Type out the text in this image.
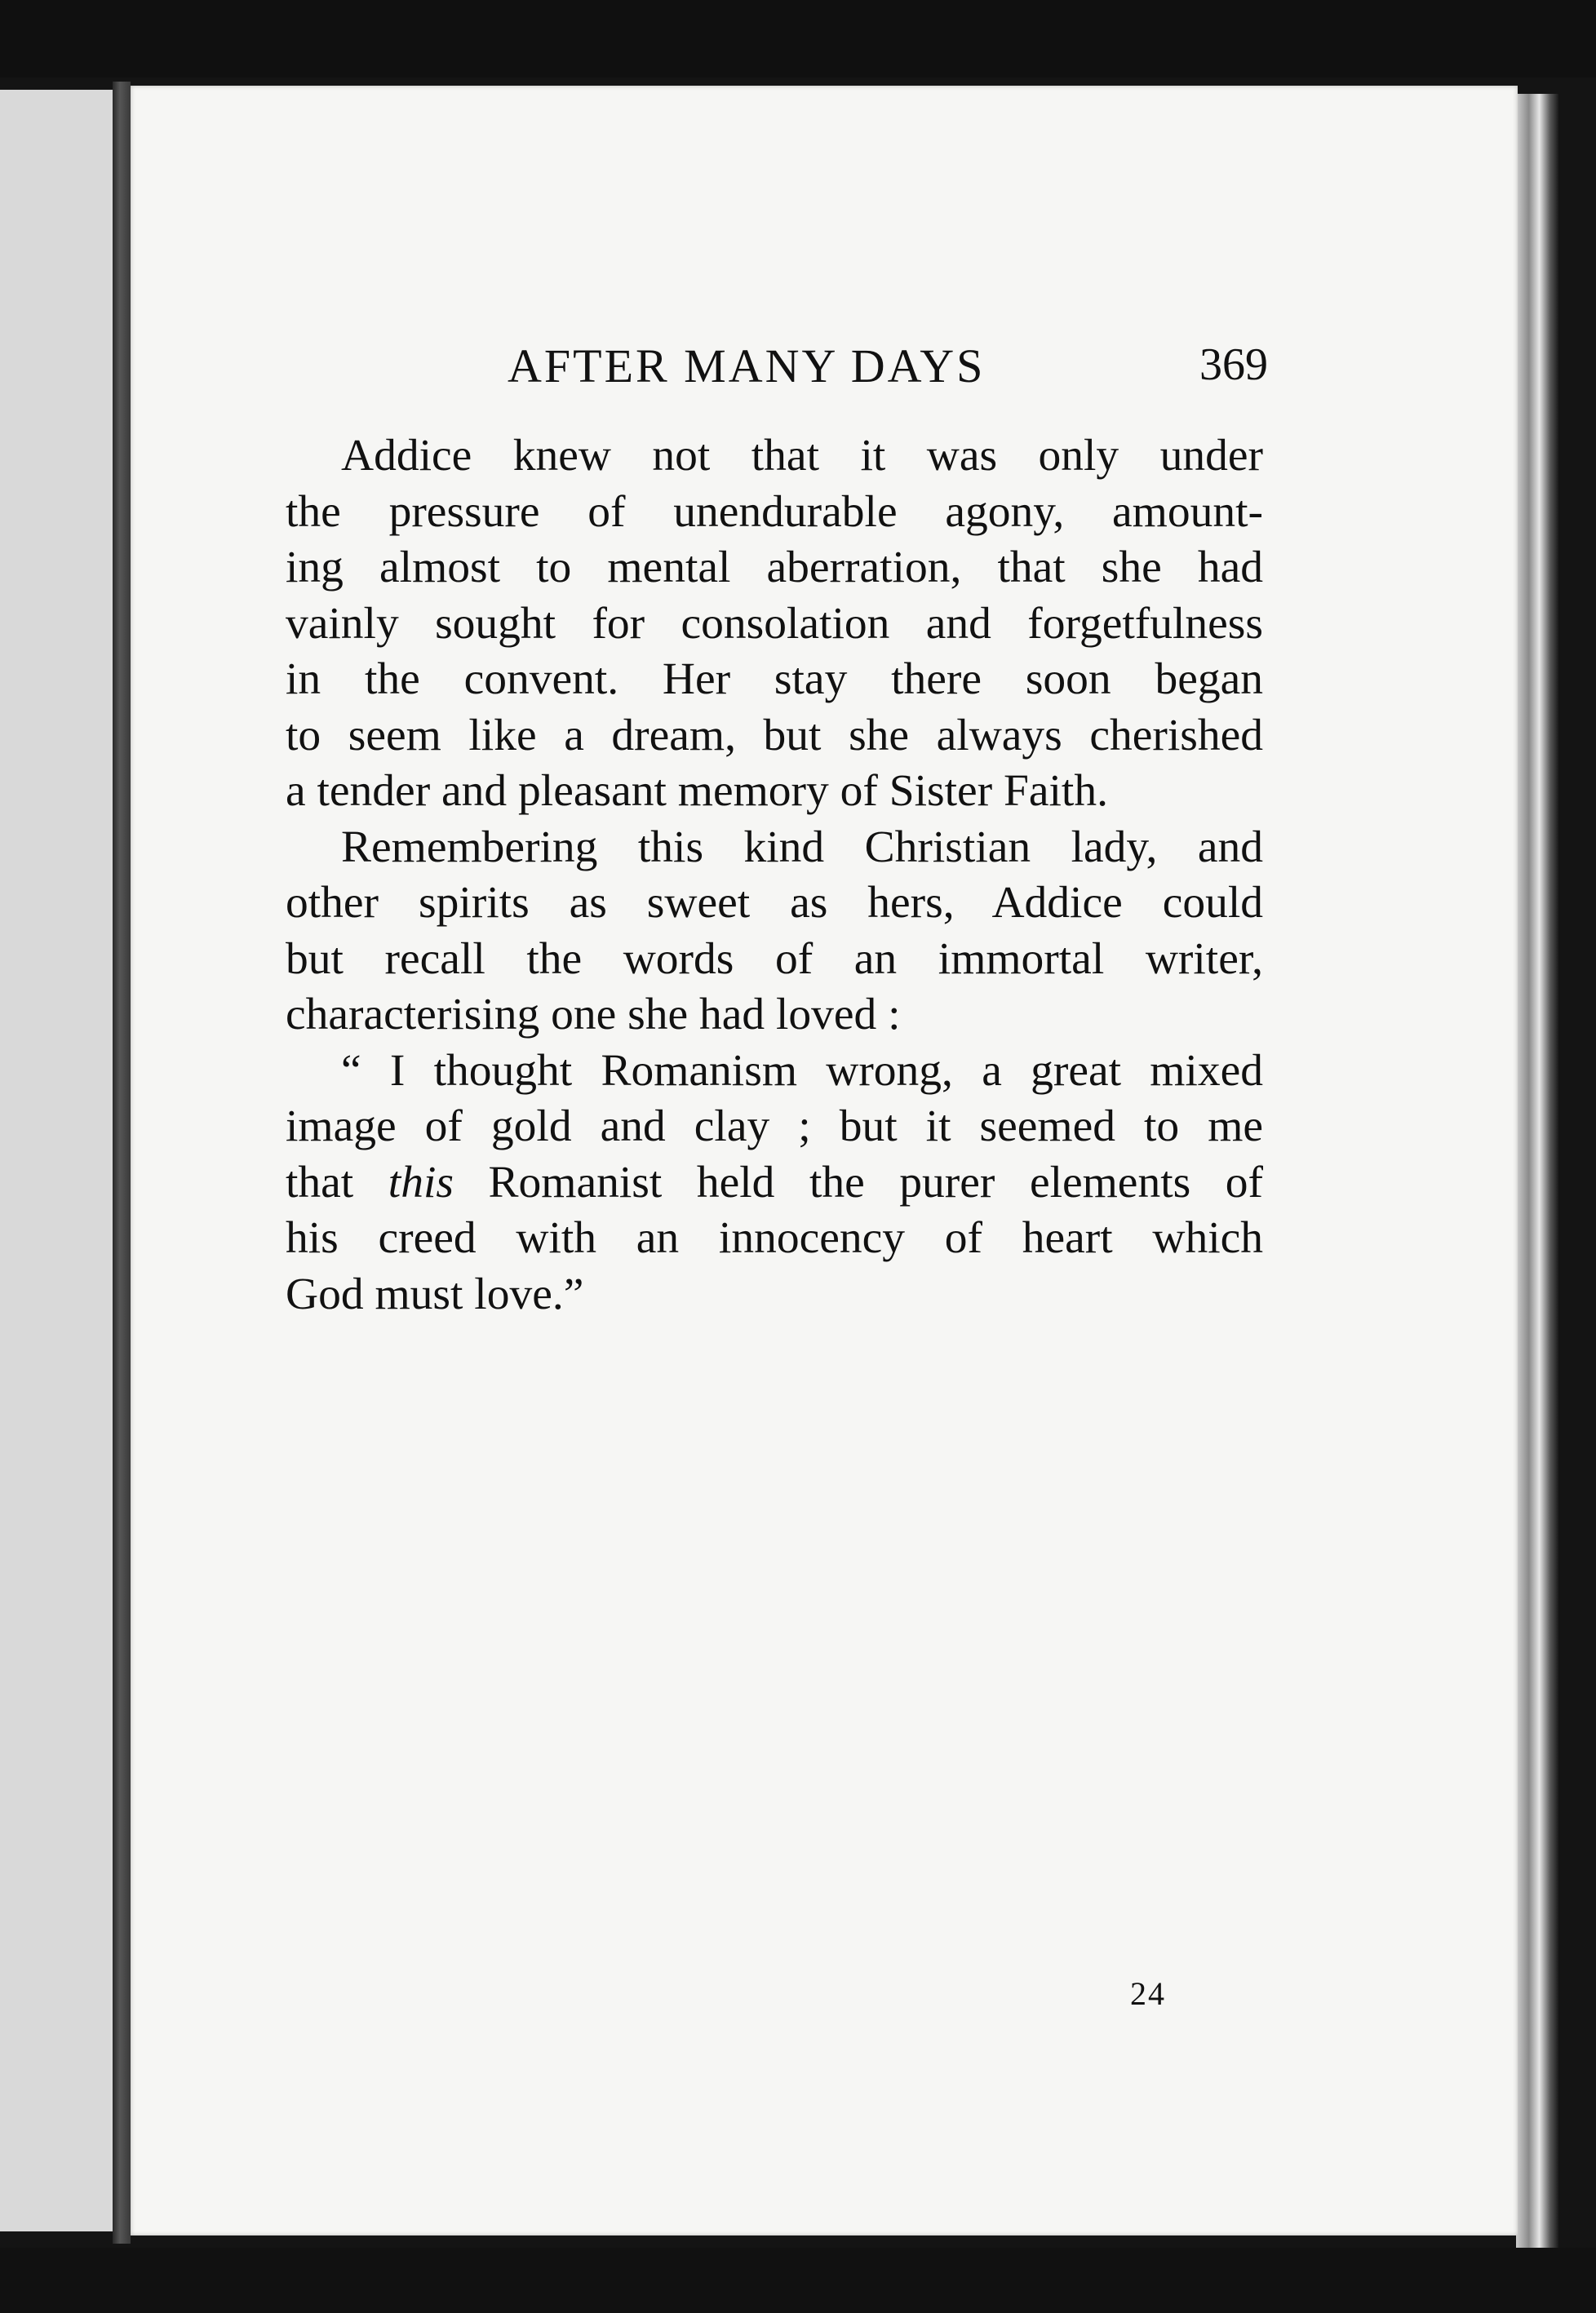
AFTER MANY DAYS	369
Addice knew not that it was only under
the pressure of unendurable agony, amount-
ing almost to mental aberration, that she had
vainly sought for consolation and forgetfulness
in the convent. Her stay there soon began
to seem like a dream, but she always cherished
a tender and pleasant memory of Sister Faith.
Remembering this kind Christian lady, and
other spirits as sweet as hers, Addice could
but recall the words of an immortal writer,
characterising one she had loved :
“ I thought Romanism wrong, a great mixed
image of gold and clay ; but it seemed to me
that this Romanist held the purer elements of
his creed with an innocency of heart which
God must love.”
24
